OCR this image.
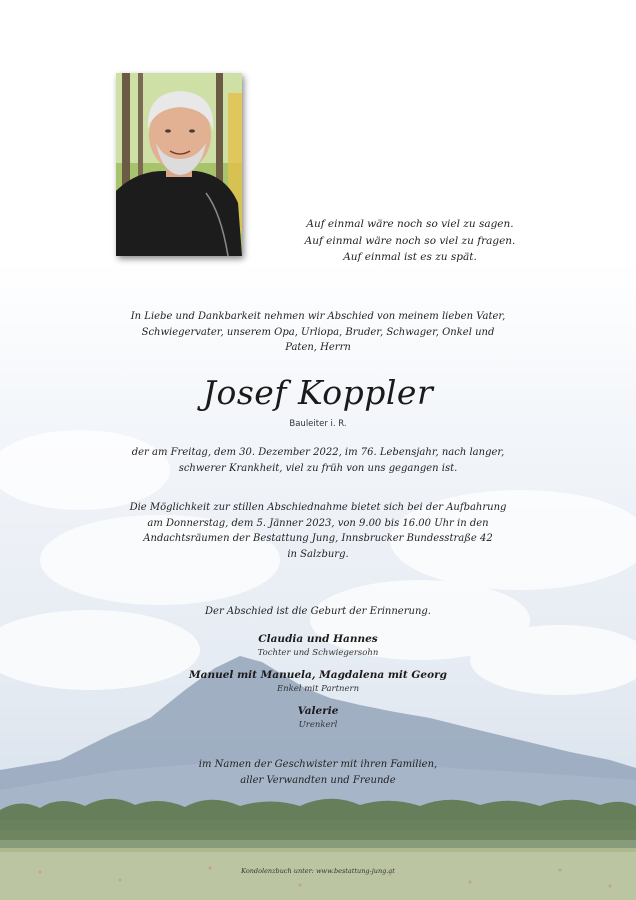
Auf einmal wäre noch so viel zu sagen.
Auf einmal wäre noch so viel zu fragen.
Auf einmal ist es zu spät.
In Liebe und Dankbarkeit nehmen wir Abschied von meinem lieben Vater,
Schwiegervater, unserem Opa, Urliopa, Bruder, Schwager, Onkel und
Paten, Herrn
Josef Koppler
Bauleiter i. R.
der am Freitag, dem 30. Dezember 2022, im 76. Lebensjahr, nach langer,
schwerer Krankheit, viel zu früh von uns gegangen ist.
Die Möglichkeit zur stillen Abschiednahme bietet sich bei der Aufbahrung
am Donnerstag, dem 5. Jänner 2023, von 9.00 bis 16.00 Uhr in den
Andachtsräumen der Bestattung Jung, Innsbrucker Bundesstraße 42
in Salzburg.
Der Abschied ist die Geburt der Erinnerung.
Claudia und Hannes
Tochter und Schwiegersohn
Manuel mit Manuela, Magdalena mit Georg
Enkel mit Partnern
Valerie
Urenkerl
im Namen der Geschwister mit ihren Familien,
aller Verwandten und Freunde
Kondolenzbuch unter: www.bestattung-jung.at
